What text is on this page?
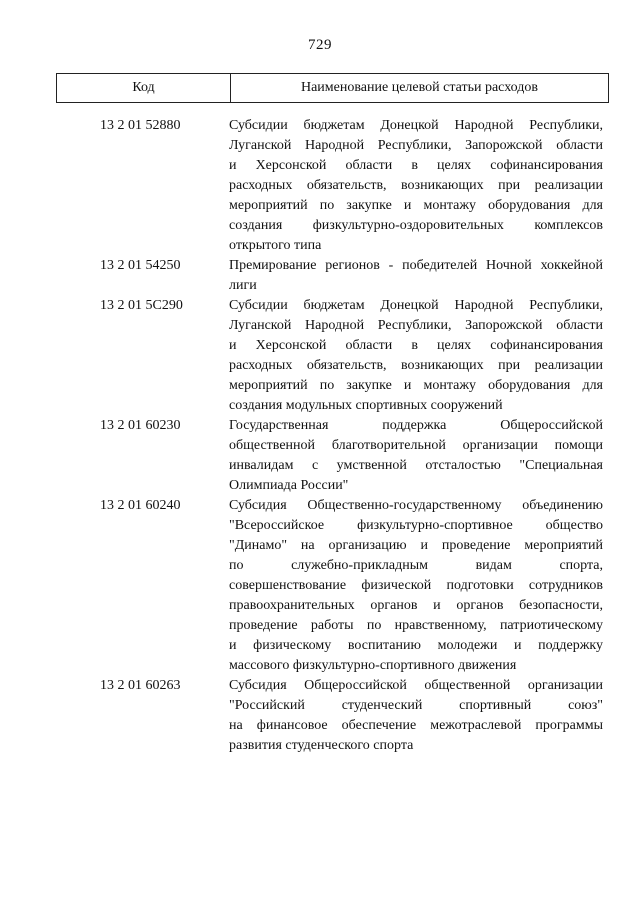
729
Код	Наименование целевой статьи расходов
13 2 01 52880	Субсидии бюджетам Донецкой Народной Республики,
Луганской Народной Республики, Запорожской области
и Херсонской области в целях софинансирования
расходных обязательств, возникающих при реализации
мероприятий по закупке и монтажу оборудования для
создания физкультурно-оздоровительных комплексов
открытого типа
13 2 01 54250	Премирование регионов - победителей Ночной хоккейной
лиги
13 2 01 5C290	Субсидии бюджетам Донецкой Народной Республики,
Луганской Народной Республики, Запорожской области
и Херсонской области в целях софинансирования
расходных обязательств, возникающих при реализации
мероприятий по закупке и монтажу оборудования для
создания модульных спортивных сооружений
13 2 01 60230	Государственная поддержка Общероссийской
общественной благотворительной организации помощи
инвалидам с умственной отсталостью "Специальная
Олимпиада России"
13 2 01 60240	Субсидия Общественно-государственному объединению
"Всероссийское физкультурно-спортивное общество
"Динамо" на организацию и проведение мероприятий
по служебно-прикладным видам спорта,
совершенствование физической подготовки сотрудников
правоохранительных органов и органов безопасности,
проведение работы по нравственному, патриотическому
и физическому воспитанию молодежи и поддержку
массового физкультурно-спортивного движения
13 2 01 60263	Субсидия Общероссийской общественной организации
"Российский студенческий спортивный союз"
на финансовое обеспечение межотраслевой программы
развития студенческого спорта
